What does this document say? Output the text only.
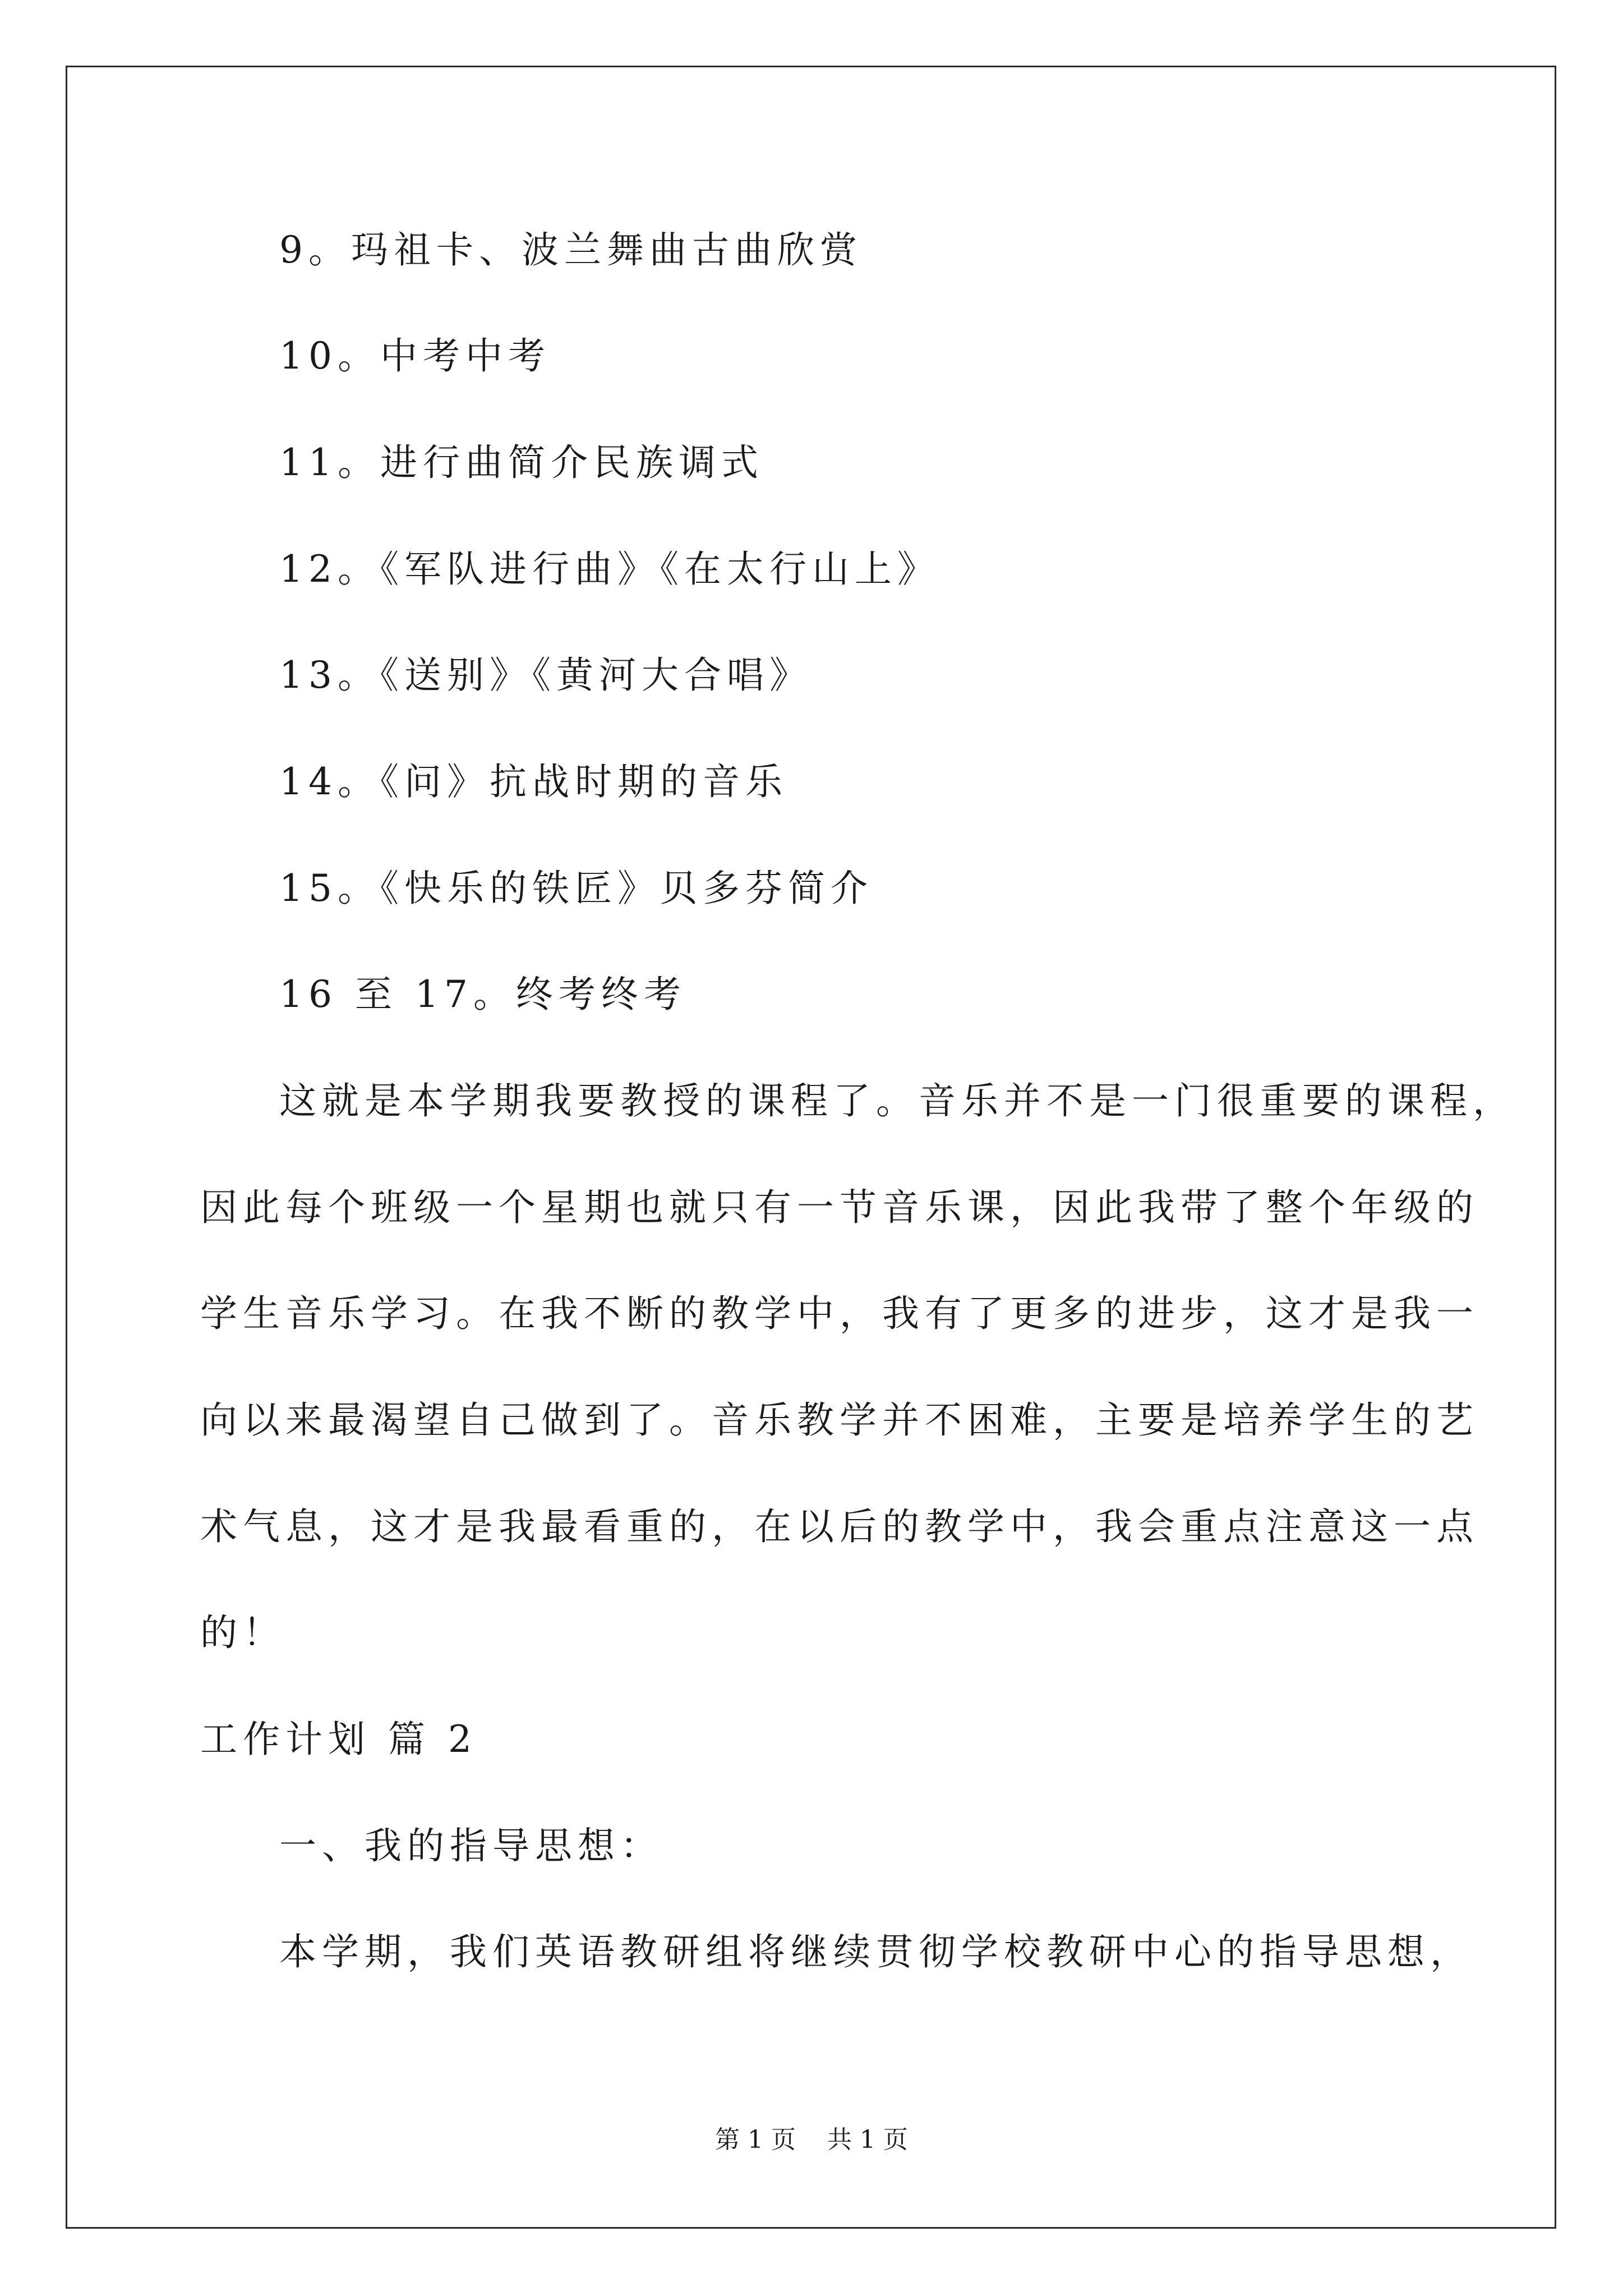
9。玛祖卡、波兰舞曲古曲欣赏
10。中考中考
11。进行曲简介民族调式
12。《军队进行曲》《在太行山上》
13。《送别》《黄河大合唱》
14。《问》抗战时期的音乐
15。《快乐的铁匠》贝多芬简介
16 至 17。终考终考
这就是本学期我要教授的课程了。音乐并不是一门很重要的课程，
因此每个班级一个星期也就只有一节音乐课，因此我带了整个年级的
学生音乐学习。在我不断的教学中，我有了更多的进步，这才是我一
向以来最渴望自己做到了。音乐教学并不困难，主要是培养学生的艺
术气息，这才是我最看重的，在以后的教学中，我会重点注意这一点
的！
工作计划 篇 2
一、我的指导思想：
本学期，我们英语教研组将继续贯彻学校教研中心的指导思想，
第 1 页    共 1 页
